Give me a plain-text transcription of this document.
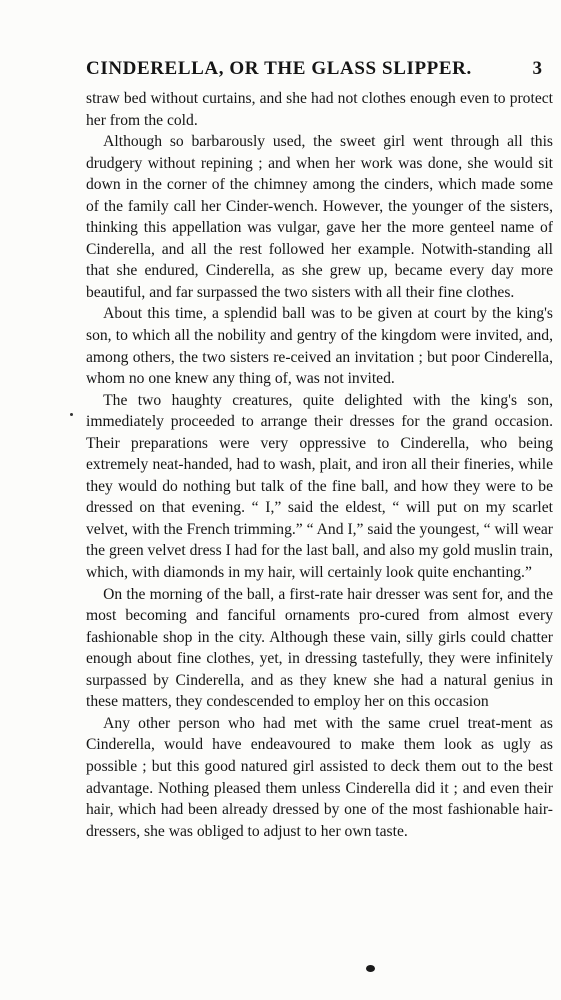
CINDERELLA, OR THE GLASS SLIPPER.	3

straw bed without curtains, and she had not clothes enough even to protect her from the cold.

Although so barbarously used, the sweet girl went through all this drudgery without repining ; and when her work was done, she would sit down in the corner of the chimney among the cinders, which made some of the family call her Cinder-wench. However, the younger of the sisters, thinking this appellation was vulgar, gave her the more genteel name of Cinderella, and all the rest followed her example. Notwith-standing all that she endured, Cinderella, as she grew up, became every day more beautiful, and far surpassed the two sisters with all their fine clothes.

About this time, a splendid ball was to be given at court by the king's son, to which all the nobility and gentry of the kingdom were invited, and, among others, the two sisters re-ceived an invitation ; but poor Cinderella, whom no one knew any thing of, was not invited.

The two haughty creatures, quite delighted with the king's son, immediately proceeded to arrange their dresses for the grand occasion. Their preparations were very oppressive to Cinderella, who being extremely neat-handed, had to wash, plait, and iron all their fineries, while they would do nothing but talk of the fine ball, and how they were to be dressed on that evening. “ I,” said the eldest, “ will put on my scarlet velvet, with the French trimming.” “ And I,” said the youngest, “ will wear the green velvet dress I had for the last ball, and also my gold muslin train, which, with diamonds in my hair, will certainly look quite enchanting.”

On the morning of the ball, a first-rate hair dresser was sent for, and the most becoming and fanciful ornaments pro-cured from almost every fashionable shop in the city. Although these vain, silly girls could chatter enough about fine clothes, yet, in dressing tastefully, they were infinitely surpassed by Cinderella, and as they knew she had a natural genius in these matters, they condescended to employ her on this occasion

Any other person who had met with the same cruel treat-ment as Cinderella, would have endeavoured to make them look as ugly as possible ; but this good natured girl assisted to deck them out to the best advantage. Nothing pleased them unless Cinderella did it ; and even their hair, which had been already dressed by one of the most fashionable hair-dressers, she was obliged to adjust to her own taste.
